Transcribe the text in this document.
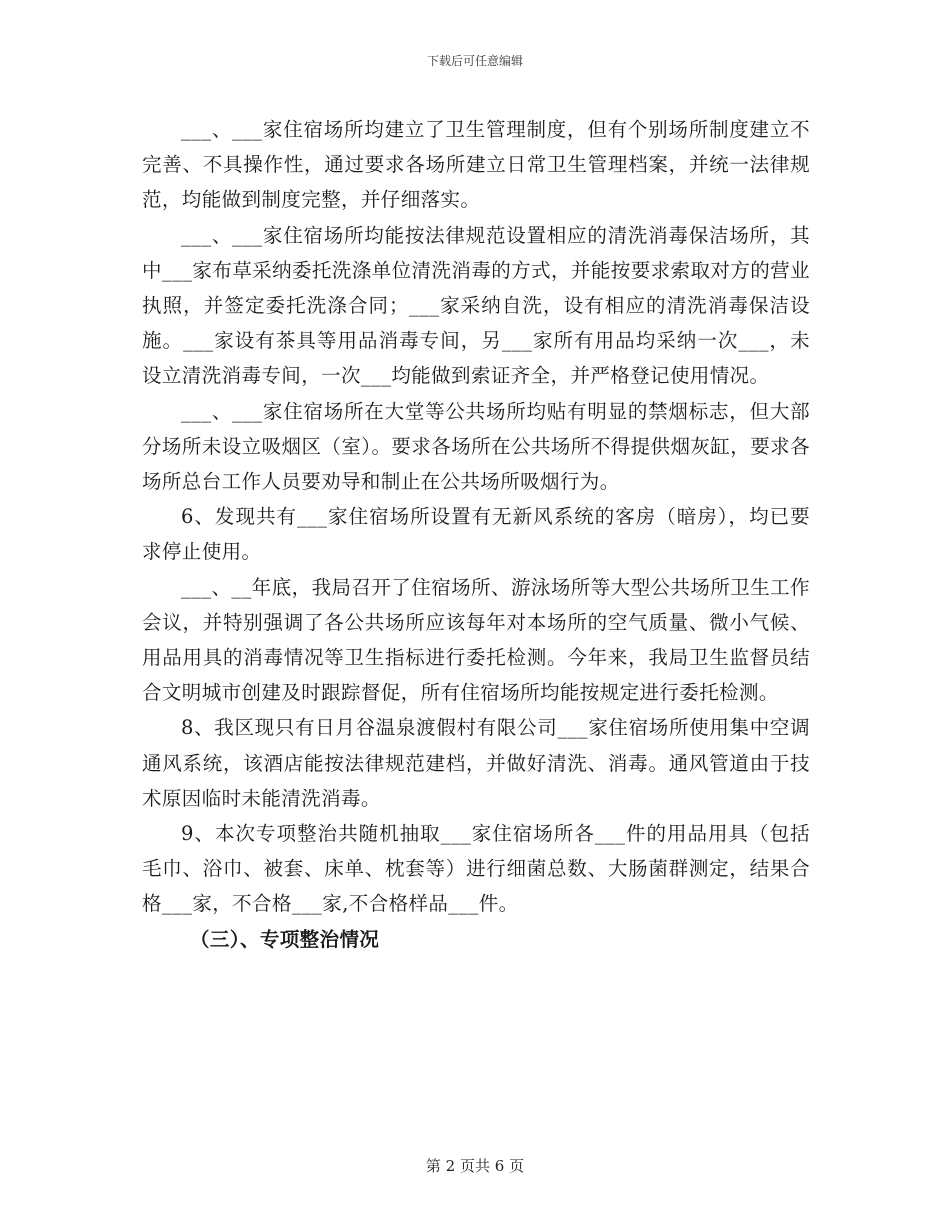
下载后可任意编辑

___、___家住宿场所均建立了卫生管理制度，但有个别场所制度建立不完善、不具操作性，通过要求各场所建立日常卫生管理档案，并统一法律规范，均能做到制度完整，并仔细落实。

___、___家住宿场所均能按法律规范设置相应的清洗消毒保洁场所，其中___家布草采纳委托洗涤单位清洗消毒的方式，并能按要求索取对方的营业执照，并签定委托洗涤合同；___家采纳自洗，设有相应的清洗消毒保洁设施。___家设有茶具等用品消毒专间，另___家所有用品均采纳一次___，未设立清洗消毒专间，一次___均能做到索证齐全，并严格登记使用情况。

___、___家住宿场所在大堂等公共场所均贴有明显的禁烟标志，但大部分场所未设立吸烟区（室）。要求各场所在公共场所不得提供烟灰缸，要求各场所总台工作人员要劝导和制止在公共场所吸烟行为。

6、发现共有___家住宿场所设置有无新风系统的客房（暗房），均已要求停止使用。

___、__年底，我局召开了住宿场所、游泳场所等大型公共场所卫生工作会议，并特别强调了各公共场所应该每年对本场所的空气质量、微小气候、用品用具的消毒情况等卫生指标进行委托检测。今年来，我局卫生监督员结合文明城市创建及时跟踪督促，所有住宿场所均能按规定进行委托检测。

8、我区现只有日月谷温泉渡假村有限公司___家住宿场所使用集中空调通风系统，该酒店能按法律规范建档，并做好清洗、消毒。通风管道由于技术原因临时未能清洗消毒。

9、本次专项整治共随机抽取___家住宿场所各___件的用品用具（包括毛巾、浴巾、被套、床单、枕套等）进行细菌总数、大肠菌群测定，结果合格___家，不合格___家,不合格样品___件。

（三）、专项整治情况

第 2 页共 6 页
